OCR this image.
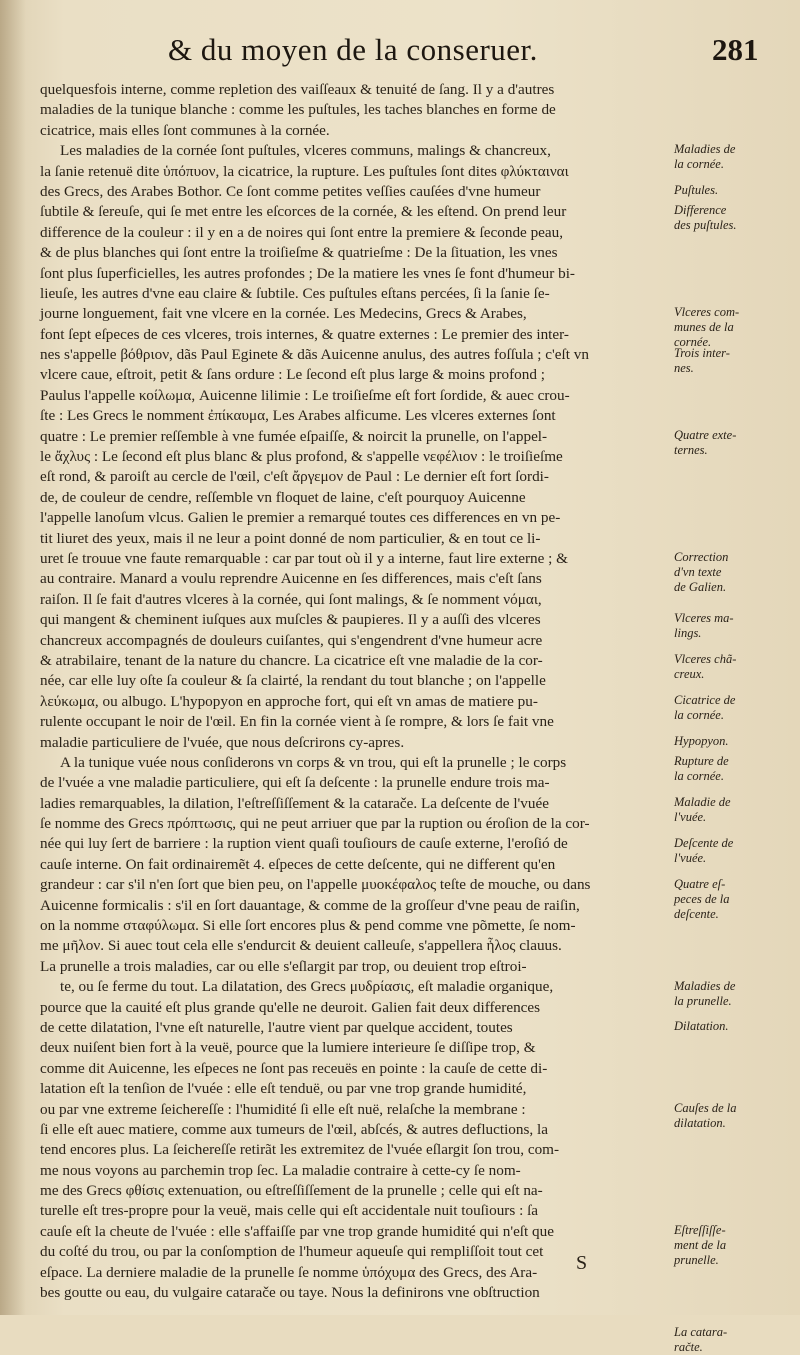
& du moyen de la conseruer.	281
quelquesfois interne, comme repletion des vaiſſeaux & tenuité de ſang. Il y a d'autres
maladies de la tunique blanche : comme les puſtules, les taches blanches en forme de
cicatrice, mais elles ſont communes à la cornée.
Les maladies de la cornée ſont puſtules, vlceres communs, malings & chancreux,
la ſanie retenuë dite ὑπόπυον, la cicatrice, la rupture. Les puſtules ſont dites φλύκταιναι
des Grecs, des Arabes Bothor. Ce ſont comme petites veſſies cauſées d'vne humeur
ſubtile & ſereuſe, qui ſe met entre les eſcorces de la cornée, & les eſtend. On prend leur
difference de la couleur : il y en a de noires qui ſont entre la premiere & ſeconde peau,
& de plus blanches qui ſont entre la troiſieſme & quatrieſme : De la ſituation, les vnes
ſont plus ſuperficielles, les autres profondes ; De la matiere les vnes ſe font d'humeur bi-
lieuſe, les autres d'vne eau claire & ſubtile. Ces puſtules eſtans percées, ſi la ſanie ſe-
journe longuement, fait vne vlcere en la cornée. Les Medecins, Grecs & Arabes,
font ſept eſpeces de ces vlceres, trois internes, & quatre externes : Le premier des inter-
nes s'appelle βόθριον, dãs Paul Eginete & dãs Auicenne anulus, des autres foſſula ; c'eſt vn
vlcere caue, eſtroit, petit & ſans ordure : Le ſecond eſt plus large & moins profond ;
Paulus l'appelle κοίλωμα, Auicenne lilimie : Le troiſieſme eſt fort ſordide, & auec crou-
ſte : Les Grecs le nomment ἐπίκαυμα, Les Arabes alficume. Les vlceres externes ſont
quatre : Le premier reſſemble à vne fumée eſpaiſſe, & noircit la prunelle, on l'appel-
le ἄχλυς : Le ſecond eſt plus blanc & plus profond, & s'appelle νεφέλιον : le troiſieſme
eſt rond, & paroiſt au cercle de l'œil, c'eſt ἄργεμον de Paul : Le dernier eſt fort ſordi-
de, de couleur de cendre, reſſemble vn floquet de laine, c'eſt pourquoy Auicenne
l'appelle lanoſum vlcus. Galien le premier a remarqué toutes ces differences en vn pe-
tit liuret des yeux, mais il ne leur a point donné de nom particulier, & en tout ce li-
uret ſe trouue vne faute remarquable : car par tout où il y a interne, faut lire externe ; &
au contraire. Manard a voulu reprendre Auicenne en ſes differences, mais c'eſt ſans
raiſon. Il ſe fait d'autres vlceres à la cornée, qui ſont malings, & ſe nomment νόμαι,
qui mangent & cheminent iuſques aux muſcles & paupieres. Il y a auſſi des vlceres
chancreux accompagnés de douleurs cuiſantes, qui s'engendrent d'vne humeur acre
& atrabilaire, tenant de la nature du chancre. La cicatrice eſt vne maladie de la cor-
née, car elle luy oſte ſa couleur & ſa clairté, la rendant du tout blanche ; on l'appelle
λεύκωμα, ou albugo. L'hypopyon en approche fort, qui eſt vn amas de matiere pu-
rulente occupant le noir de l'œil. En fin la cornée vient à ſe rompre, & lors ſe fait vne
maladie particuliere de l'vuée, que nous deſcrirons cy-apres.
A la tunique vuée nous conſiderons vn corps & vn trou, qui eſt la prunelle ; le corps
de l'vuée a vne maladie particuliere, qui eſt ſa deſcente : la prunelle endure trois ma-
ladies remarquables, la dilation, l'eſtreſſiſſement & la catarače. La deſcente de l'vuée
ſe nomme des Grecs πρόπτωσις, qui ne peut arriuer que par la ruption ou éroſion de la cor-
née qui luy ſert de barriere : la ruption vient quaſi touſiours de cauſe externe, l'eroſió de
cauſe interne. On fait ordinairemẽt 4. eſpeces de cette deſcente, qui ne different qu'en
grandeur : car s'il n'en ſort que bien peu, on l'appelle μυοκέφαλος teſte de mouche, ou dans
Auicenne formicalis : s'il en ſort dauantage, & comme de la groſſeur d'vne peau de raiſin,
on la nomme σταφύλωμα. Si elle ſort encores plus & pend comme vne põmette, ſe nom-
me μῆλον. Si auec tout cela elle s'endurcit & deuient calleuſe, s'appellera ἧλος clauus.
La prunelle a trois maladies, car ou elle s'eſlargit par trop, ou deuient trop eſtroi-
te, ou ſe ferme du tout. La dilatation, des Grecs μυδρίασις, eſt maladie organique,
pource que la cauité eſt plus grande qu'elle ne deuroit. Galien fait deux differences
de cette dilatation, l'vne eſt naturelle, l'autre vient par quelque accident, toutes
deux nuiſent bien fort à la veuë, pource que la lumiere interieure ſe diſſipe trop, &
comme dit Auicenne, les eſpeces ne ſont pas receuës en pointe : la cauſe de cette di-
latation eſt la tenſion de l'vuée : elle eſt tenduë, ou par vne trop grande humidité,
ou par vne extreme ſeichereſſe : l'humidité ſi elle eſt nuë, relaſche la membrane :
ſi elle eſt auec matiere, comme aux tumeurs de l'œil, abſcés, & autres defluctions, la
tend encores plus. La ſeichereſſe retirãt les extremitez de l'vuée eſlargit ſon trou, com-
me nous voyons au parchemin trop ſec. La maladie contraire à cette-cy ſe nom-
me des Grecs φθίσις extenuation, ou eſtreſſiſſement de la prunelle ; celle qui eſt na-
turelle eſt tres-propre pour la veuë, mais celle qui eſt accidentale nuit touſiours : ſa
cauſe eſt la cheute de l'vuée : elle s'affaiſſe par vne trop grande humidité qui n'eſt que
du coſté du trou, ou par la conſomption de l'humeur aqueuſe qui rempliſſoit tout cet
eſpace. La derniere maladie de la prunelle ſe nomme ὑπόχυμα des Grecs, des Ara-
bes goutte ou eau, du vulgaire catarače ou taye. Nous la definirons vne obſtruction
Maladies de
la cornée.
Puſtules.
Difference
des puſtules.
Vlceres com-
munes de la
cornée.
Trois inter-
nes.
Quatre exte-
ternes.
Correction
d'vn texte
de Galien.
Vlceres ma-
lings.
Vlceres chã-
creux.
Cicatrice de
la cornée.
Hypopyon.
Rupture de
la cornée.
Maladie de
l'vuée.
Deſcente de
l'vuée.
Quatre eſ-
peces de la
deſcente.
Maladies de
la prunelle.
Dilatation.
Cauſes de la
dilatation.
Eſtreſſiſſe-
ment de la
prunelle.
La catara-
račte.
S
